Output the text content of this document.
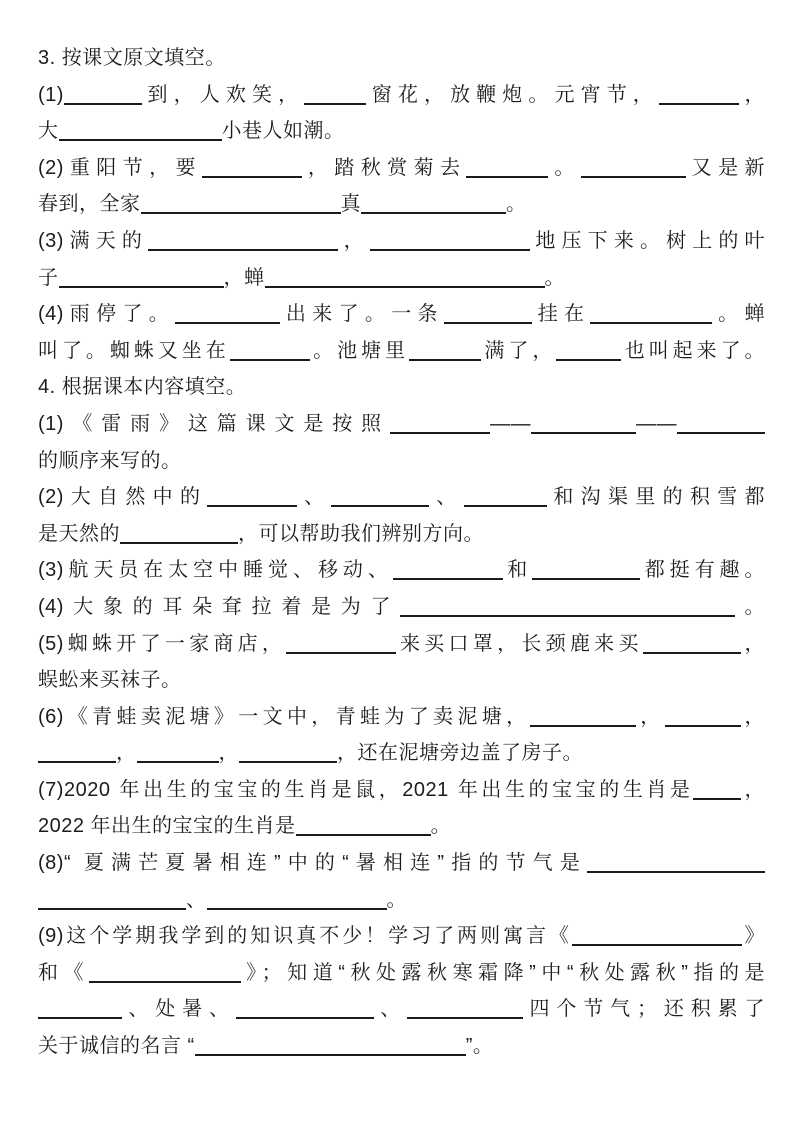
3. 按课文原文填空。
(1)	到，人欢笑，	窗花，放鞭炮。元宵节，	，
大	小巷人如潮。
(2)重阳节，要	，踏秋赏菊去	。	又是新
春到，全家	真	。
(3)满天的	，	地压下来。树上的叶
子	，蝉	。
(4)雨停了。	出来了。一条	挂在	。蝉
叫了。蜘蛛又坐在	。池塘里	满了，	也叫起来了。
4. 根据课本内容填空。
(1)《雷雨》这篇课文是按照	——	——
的顺序来写的。
(2)大自然中的	、	、	和沟渠里的积雪都
是天然的	，可以帮助我们辨别方向。
(3)航天员在太空中睡觉、移动、	和	都挺有趣。
(4)大象的耳朵耷拉着是为了	。
(5)蜘蛛开了一家商店，	来买口罩，长颈鹿来买	，
蜈蚣来买袜子。
(6)《青蛙卖泥塘》一文中，青蛙为了卖泥塘，	，	，
，	，	，还在泥塘旁边盖了房子。
(7)2020 年出生的宝宝的生肖是鼠，2021 年出生的宝宝的生肖是 ，
2022 年出生的宝宝的生肖是	。
(8)“ 夏满芒夏暑相连”中的“暑相连”指的节气是
、	。
(9)这个学期我学到的知识真不少！学习了两则寓言《	》
和《	》；知道“秋处露秋寒霜降”中“秋处露秋”指的是
、处暑、	、	四个节气；还积累了
关于诚信的名言 “	”。
